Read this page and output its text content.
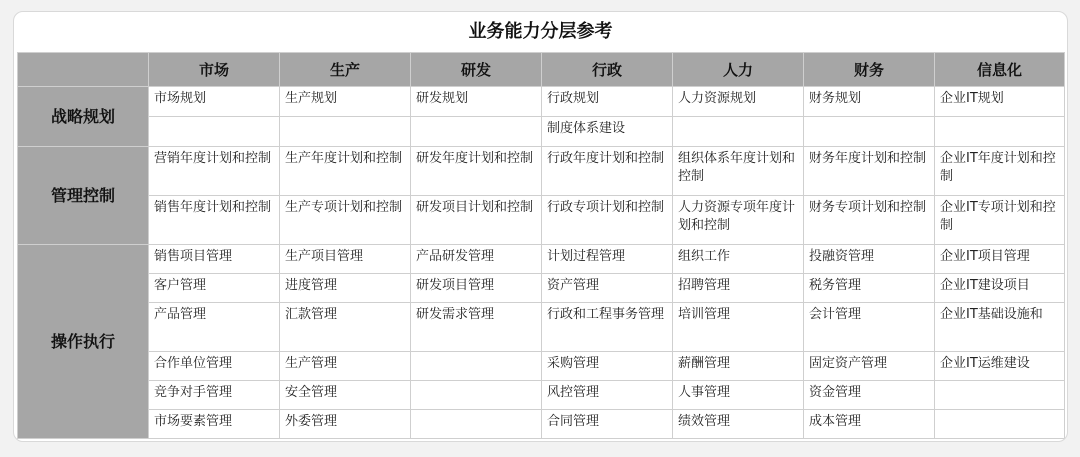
业务能力分层参考
	市场	生产	研发	行政	人力	财务	信息化
战略规划	市场规划	生产规划	研发规划	行政规划	人力资源规划	财务规划	企业IT规划
				制度体系建设			
管理控制	营销年度计划和控制	生产年度计划和控制	研发年度计划和控制	行政年度计划和控制	组织体系年度计划和控制	财务年度计划和控制	企业IT年度计划和控制
	销售年度计划和控制	生产专项计划和控制	研发项目计划和控制	行政专项计划和控制	人力资源专项年度计划和控制	财务专项计划和控制	企业IT专项计划和控制
操作执行	销售项目管理	生产项目管理	产品研发管理	计划过程管理	组织工作	投融资管理	企业IT项目管理
	客户管理	进度管理	研发项目管理	资产管理	招聘管理	税务管理	企业IT建设项目
	产品管理	汇款管理	研发需求管理	行政和工程事务管理	培训管理	会计管理	企业IT基础设施和
	合作单位管理	生产管理		采购管理	薪酬管理	固定资产管理	企业IT运维建设
	竞争对手管理	安全管理		风控管理	人事管理	资金管理	
	市场要素管理	外委管理		合同管理	绩效管理	成本管理	
